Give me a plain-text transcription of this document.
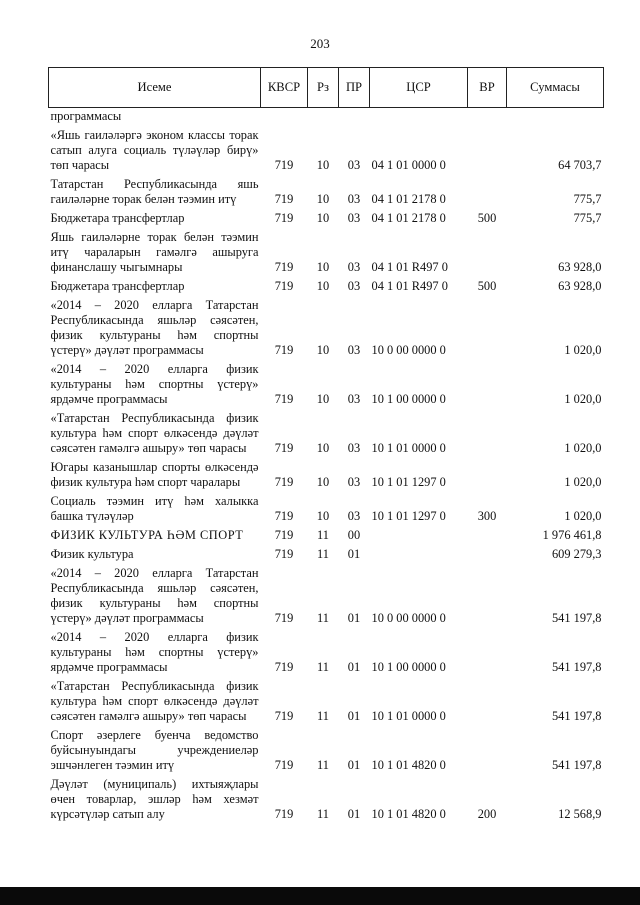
203
Исеме	КВСР	Рз	ПР	ЦСР	ВР	Суммасы
программасы						
«Яшь гаиләләргә эконом классы торак сатып алуга социаль түләүләр бирү» төп чарасы	719	10	03	04 1 01 0000 0		64 703,7
Татарстан Республикасында яшь гаиләләрне торак белән тәэмин итү	719	10	03	04 1 01 2178 0		775,7
Бюджетара трансфертлар	719	10	03	04 1 01 2178 0	500	775,7
Яшь гаиләләрне торак белән тәэмин итү чараларын гамәлгә ашыруга финанслашу чыгымнары	719	10	03	04 1 01 R497 0		63 928,0
Бюджетара трансфертлар	719	10	03	04 1 01 R497 0	500	63 928,0
«2014 – 2020 елларга Татарстан Республикасында яшьләр сәясәтен, физик культураны һәм спортны үстерү» дәүләт программасы	719	10	03	10 0 00 0000 0		1 020,0
«2014 – 2020 елларга физик культураны һәм спортны үстерү» ярдәмче программасы	719	10	03	10 1 00 0000 0		1 020,0
«Татарстан Республикасында физик культура һәм спорт өлкәсендә дәүләт сәясәтен гамәлгә ашыру» төп чарасы	719	10	03	10 1 01 0000 0		1 020,0
Югары казанышлар спорты өлкәсендә физик культура һәм спорт чаралары	719	10	03	10 1 01 1297 0		1 020,0
Социаль тәэмин итү һәм халыкка башка түләүләр	719	10	03	10 1 01 1297 0	300	1 020,0
ФИЗИК КУЛЬТУРА ҺӘМ СПОРТ	719	11	00			1 976 461,8
Физик культура	719	11	01			609 279,3
«2014 – 2020 елларга Татарстан Республикасында яшьләр сәясәтен, физик культураны һәм спортны үстерү» дәүләт программасы	719	11	01	10 0 00 0000 0		541 197,8
«2014 – 2020 елларга физик культураны һәм спортны үстерү» ярдәмче программасы	719	11	01	10 1 00 0000 0		541 197,8
«Татарстан Республикасында физик культура һәм спорт өлкәсендә дәүләт сәясәтен гамәлгә ашыру» төп чарасы	719	11	01	10 1 01 0000 0		541 197,8
Спорт әзерлеге буенча ведомство буйсынуындагы учреждениеләр эшчәнлеген тәэмин итү	719	11	01	10 1 01 4820 0		541 197,8
Дәүләт (муниципаль) ихтыяҗлары өчен товарлар, эшләр һәм хезмәт күрсәтүләр сатып алу	719	11	01	10 1 01 4820 0	200	12 568,9
